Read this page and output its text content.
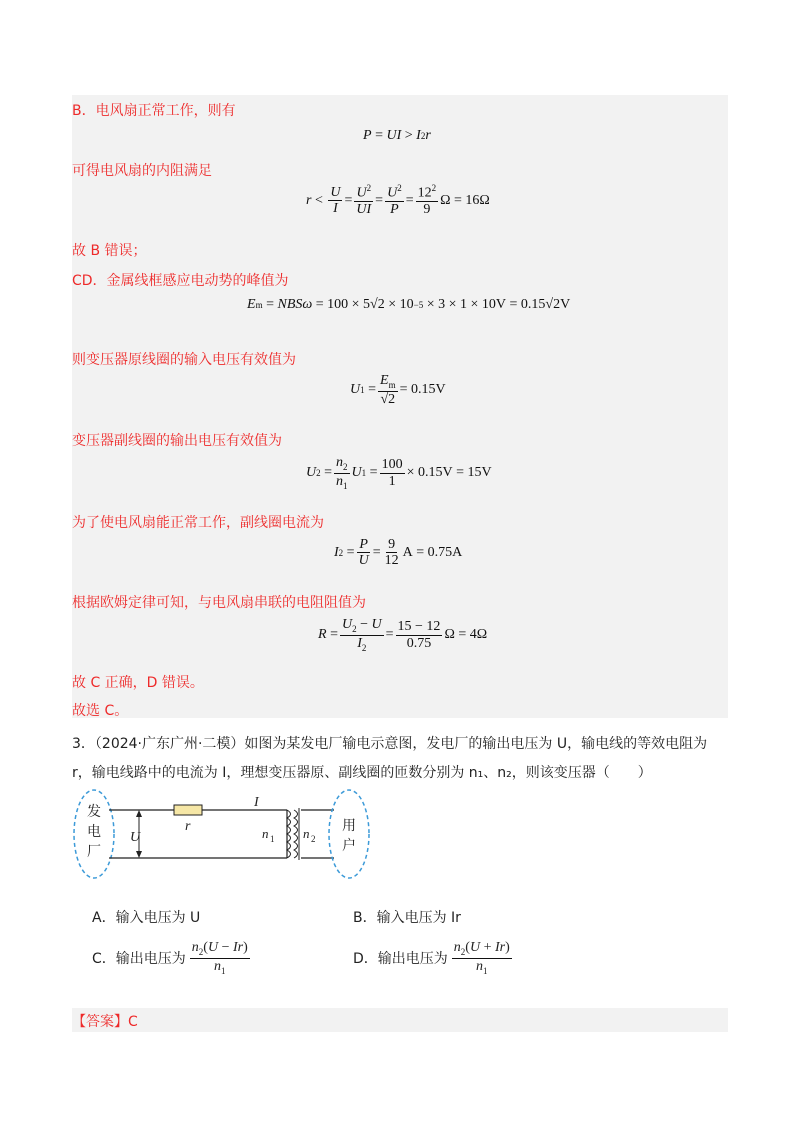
B．电风扇正常工作，则有
P = UI > I 2 r
可得电风扇的内阻满足
$r < \frac{U}{I} = \frac{U^2}{UI} = \frac{U^2}{P} = \frac{12^2}{9}$ Ω = 16Ω
故 B 错误；
CD．金属线框感应电动势的峰值为
E m = NBSω = 100 × 5√2 × 10 −5 × 3 × 1 × 10V = 0.15√2V
则变压器原线圈的输入电压有效值为
U $1 = \frac{E_m}{√2} = 0.15V$
变压器副线圈的输出电压有效值为
U $2 = \frac{n_2}{n_1}$ U $1 = \frac{100}{1} \times 0.15V = 15V$
为了使电风扇能正常工作，副线圈电流为
I $2 = \frac{P}{U} = \frac{9}{12}$ A = 0.75A
根据欧姆定律可知，与电风扇串联的电阻阻值为
$R = \frac{U_2 - U}{I_2} = \frac{15 - 12}{0.75}$ Ω = 4Ω
故 C 正确，D 错误。
故选 C。
3．（2024·广东广州·二模）如图为某发电厂输电示意图，发电厂的输出电压为 U，输电线的等效电阻为
r，输电线路中的电流为 I，理想变压器原、副线圈的匝数分别为 n₁、n₂，则该变压器（　　）
发
电
厂
U
r
I
n 1 n 2
用
户
A．输入电压为 U	B．输入电压为 Ir
C．输出电压为 $\frac{n_2(U - Ir)}{n_1}$	D．输出电压为 $\frac{n_2(U + Ir)}{n_1}$
【答案】C
